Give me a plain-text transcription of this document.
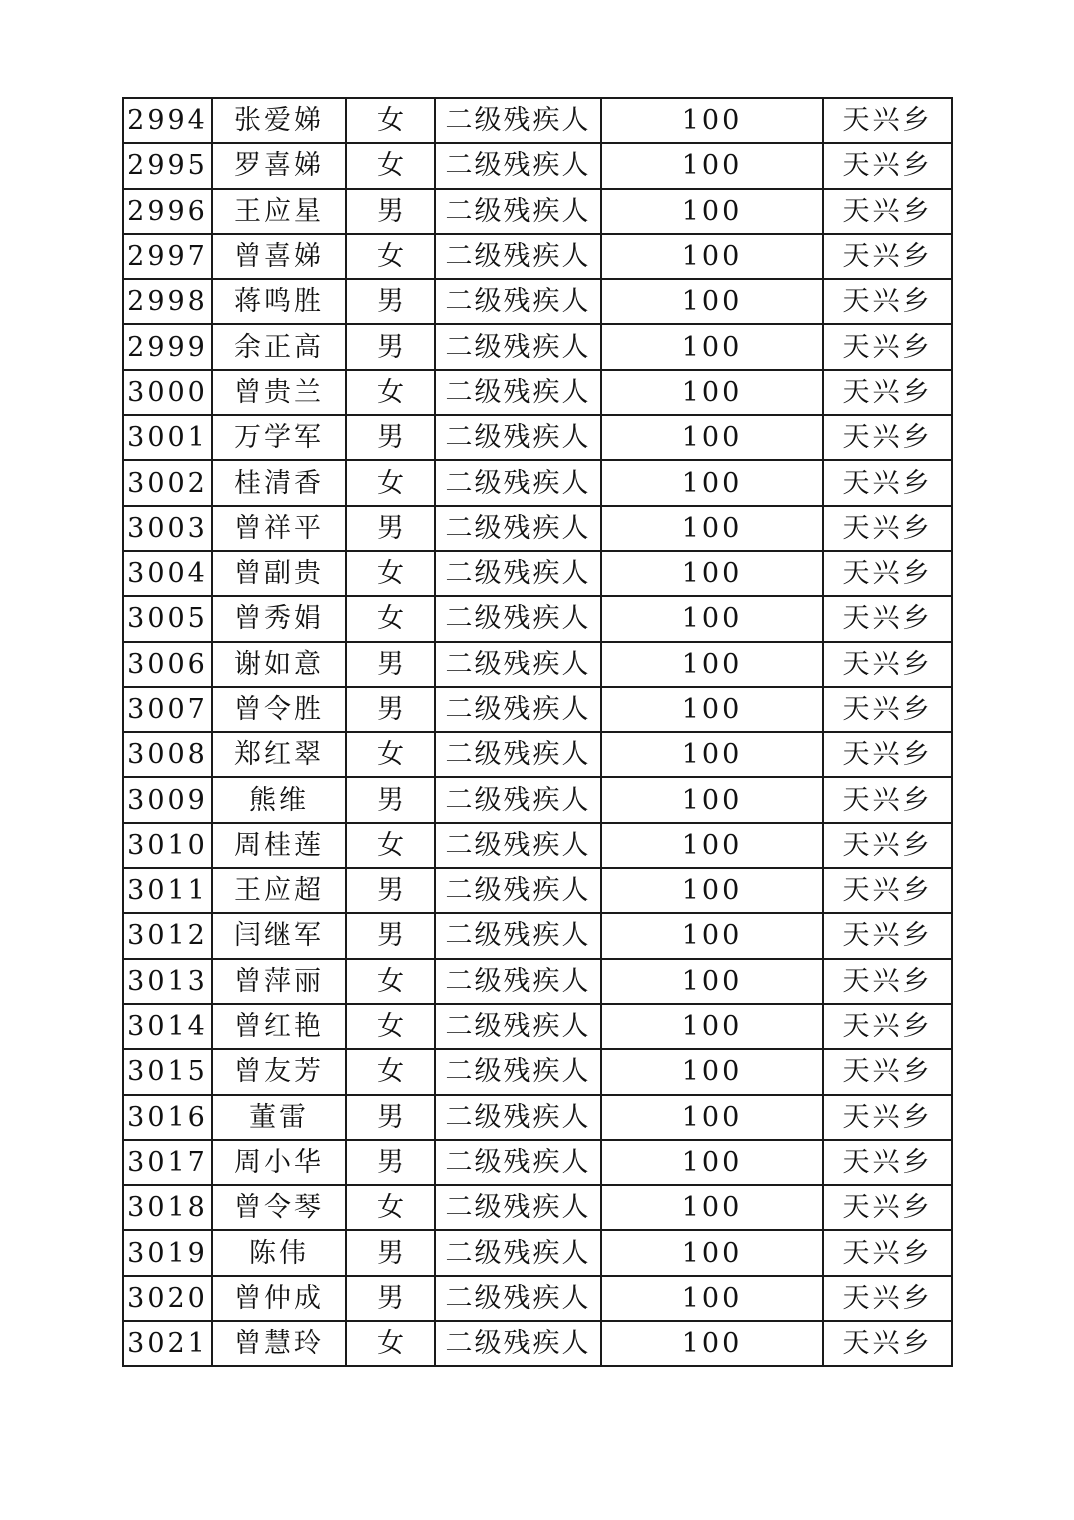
2994	张爱娣	女	二级残疾人	100	天兴乡
2995	罗喜娣	女	二级残疾人	100	天兴乡
2996	王应星	男	二级残疾人	100	天兴乡
2997	曾喜娣	女	二级残疾人	100	天兴乡
2998	蒋鸣胜	男	二级残疾人	100	天兴乡
2999	余正高	男	二级残疾人	100	天兴乡
3000	曾贵兰	女	二级残疾人	100	天兴乡
3001	万学军	男	二级残疾人	100	天兴乡
3002	桂清香	女	二级残疾人	100	天兴乡
3003	曾祥平	男	二级残疾人	100	天兴乡
3004	曾副贵	女	二级残疾人	100	天兴乡
3005	曾秀娟	女	二级残疾人	100	天兴乡
3006	谢如意	男	二级残疾人	100	天兴乡
3007	曾令胜	男	二级残疾人	100	天兴乡
3008	郑红翠	女	二级残疾人	100	天兴乡
3009	熊维	男	二级残疾人	100	天兴乡
3010	周桂莲	女	二级残疾人	100	天兴乡
3011	王应超	男	二级残疾人	100	天兴乡
3012	闫继军	男	二级残疾人	100	天兴乡
3013	曾萍丽	女	二级残疾人	100	天兴乡
3014	曾红艳	女	二级残疾人	100	天兴乡
3015	曾友芳	女	二级残疾人	100	天兴乡
3016	董雷	男	二级残疾人	100	天兴乡
3017	周小华	男	二级残疾人	100	天兴乡
3018	曾令琴	女	二级残疾人	100	天兴乡
3019	陈伟	男	二级残疾人	100	天兴乡
3020	曾仲成	男	二级残疾人	100	天兴乡
3021	曾慧玲	女	二级残疾人	100	天兴乡
